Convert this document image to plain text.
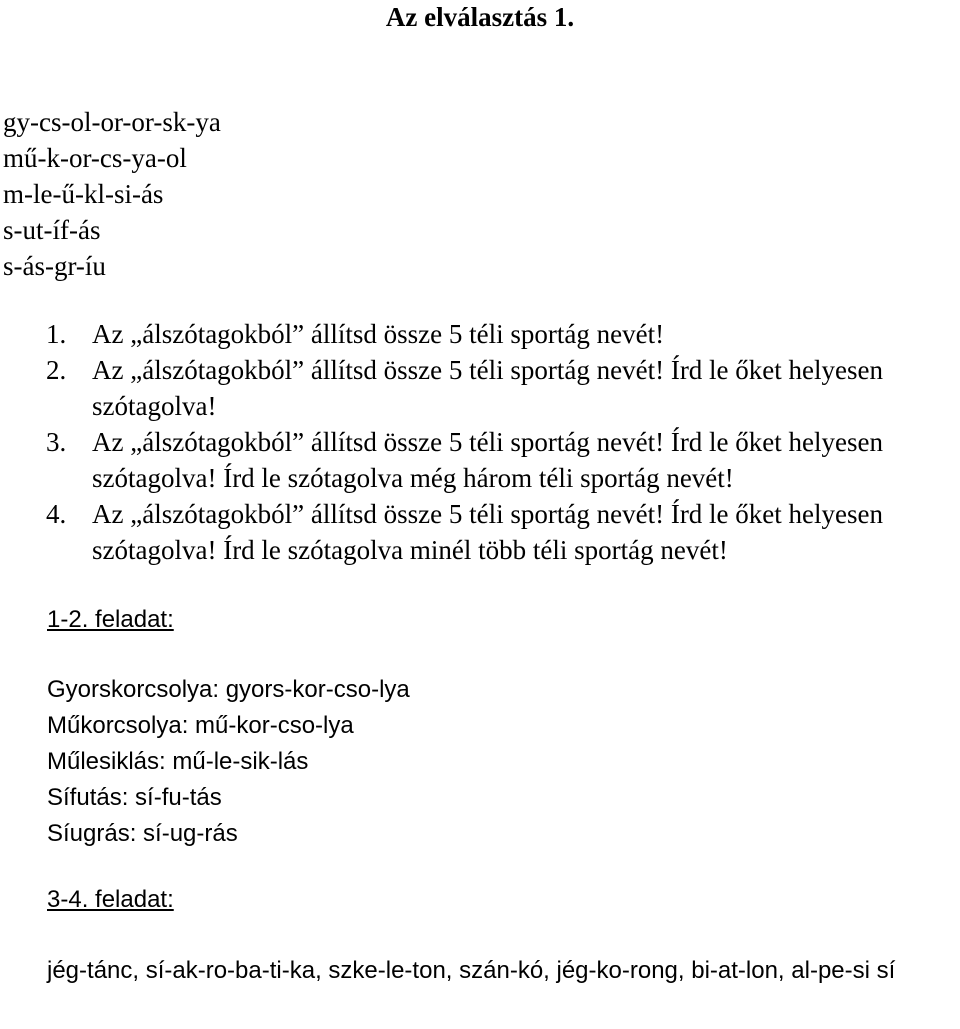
Az elválasztás 1.
gy-cs-ol-or-or-sk-ya
mű-k-or-cs-ya-ol
m-le-ű-kl-si-ás
s-ut-íf-ás
s-ás-gr-íu
1. Az „álszótagokból” állítsd össze 5 téli sportág nevét!
2. Az „álszótagokból” állítsd össze 5 téli sportág nevét! Írd le őket helyesen szótagolva!
3. Az „álszótagokból” állítsd össze 5 téli sportág nevét! Írd le őket helyesen szótagolva! Írd le szótagolva még három téli sportág nevét!
4. Az „álszótagokból” állítsd össze 5 téli sportág nevét! Írd le őket helyesen szótagolva! Írd le szótagolva minél több téli sportág nevét!

1-2. feladat:

Gyorskorcsolya: gyors-kor-cso-lya
Műkorcsolya: mű-kor-cso-lya
Műlesiklás: mű-le-sik-lás
Sífutás: sí-fu-tás
Síugrás: sí-ug-rás

3-4. feladat:

jég-tánc, sí-ak-ro-ba-ti-ka, szke-le-ton, szán-kó, jég-ko-rong, bi-at-lon, al-pe-si sí
